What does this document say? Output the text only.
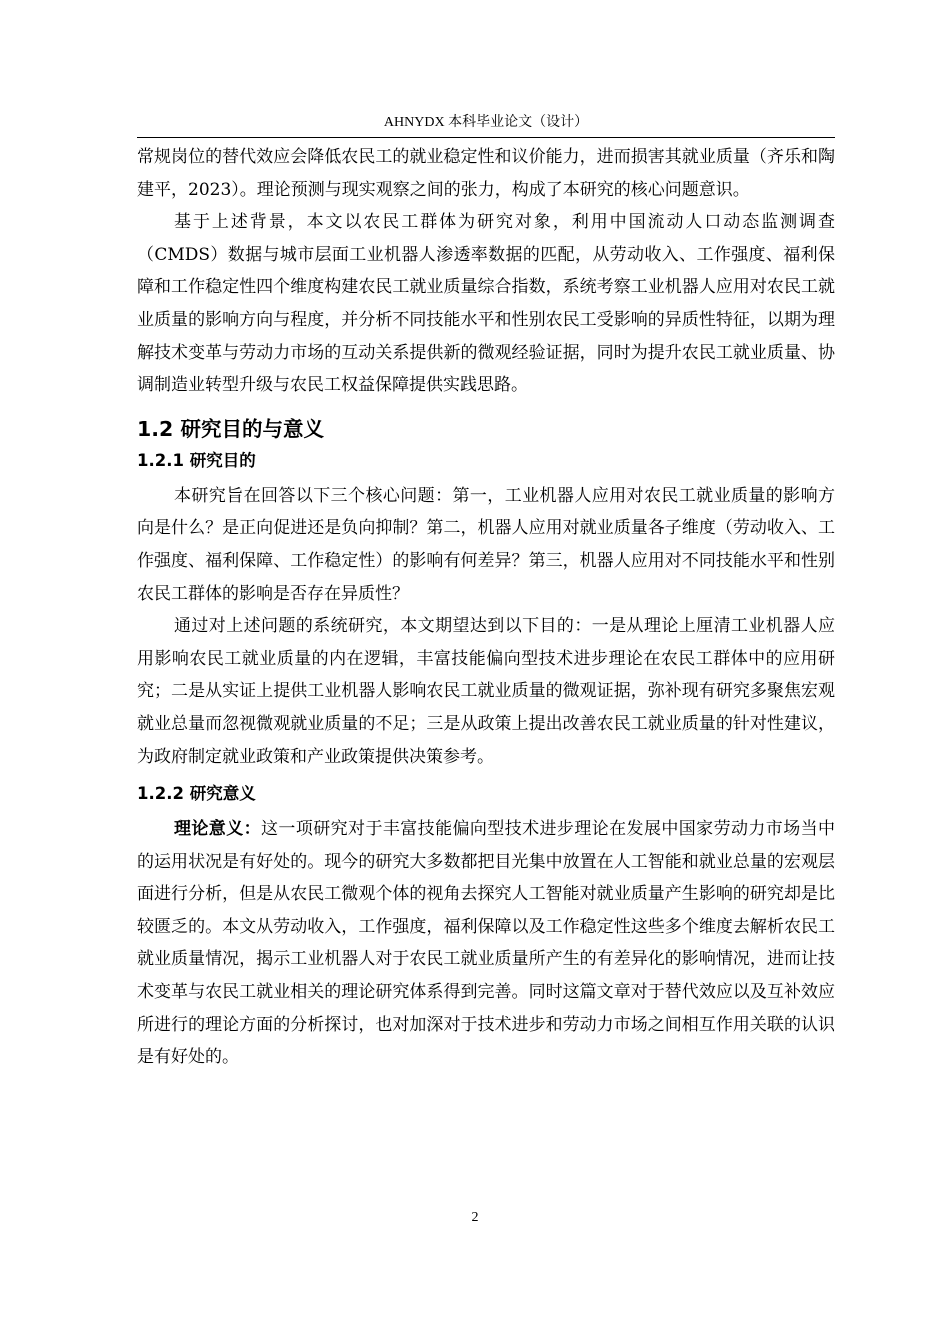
AHNYDX 本科毕业论文（设计）

常规岗位的替代效应会降低农民工的就业稳定性和议价能力，进而损害其就业质量（齐乐和陶建平，2023）。理论预测与现实观察之间的张力，构成了本研究的核心问题意识。

基于上述背景，本文以农民工群体为研究对象，利用中国流动人口动态监测调查（CMDS）数据与城市层面工业机器人渗透率数据的匹配，从劳动收入、工作强度、福利保障和工作稳定性四个维度构建农民工就业质量综合指数，系统考察工业机器人应用对农民工就业质量的影响方向与程度，并分析不同技能水平和性别农民工受影响的异质性特征，以期为理解技术变革与劳动力市场的互动关系提供新的微观经验证据，同时为提升农民工就业质量、协调制造业转型升级与农民工权益保障提供实践思路。

1.2 研究目的与意义
1.2.1 研究目的

本研究旨在回答以下三个核心问题：第一，工业机器人应用对农民工就业质量的影响方向是什么？是正向促进还是负向抑制？第二，机器人应用对就业质量各子维度（劳动收入、工作强度、福利保障、工作稳定性）的影响有何差异？第三，机器人应用对不同技能水平和性别农民工群体的影响是否存在异质性？

通过对上述问题的系统研究，本文期望达到以下目的：一是从理论上厘清工业机器人应用影响农民工就业质量的内在逻辑，丰富技能偏向型技术进步理论在农民工群体中的应用研究；二是从实证上提供工业机器人影响农民工就业质量的微观证据，弥补现有研究多聚焦宏观就业总量而忽视微观就业质量的不足；三是从政策上提出改善农民工就业质量的针对性建议，为政府制定就业政策和产业政策提供决策参考。

1.2.2 研究意义

理论意义：这一项研究对于丰富技能偏向型技术进步理论在发展中国家劳动力市场当中的运用状况是有好处的。现今的研究大多数都把目光集中放置在人工智能和就业总量的宏观层面进行分析，但是从农民工微观个体的视角去探究人工智能对就业质量产生影响的研究却是比较匮乏的。本文从劳动收入，工作强度，福利保障以及工作稳定性这些多个维度去解析农民工就业质量情况，揭示工业机器人对于农民工就业质量所产生的有差异化的影响情况，进而让技术变革与农民工就业相关的理论研究体系得到完善。同时这篇文章对于替代效应以及互补效应所进行的理论方面的分析探讨，也对加深对于技术进步和劳动力市场之间相互作用关联的认识是有好处的。

2
